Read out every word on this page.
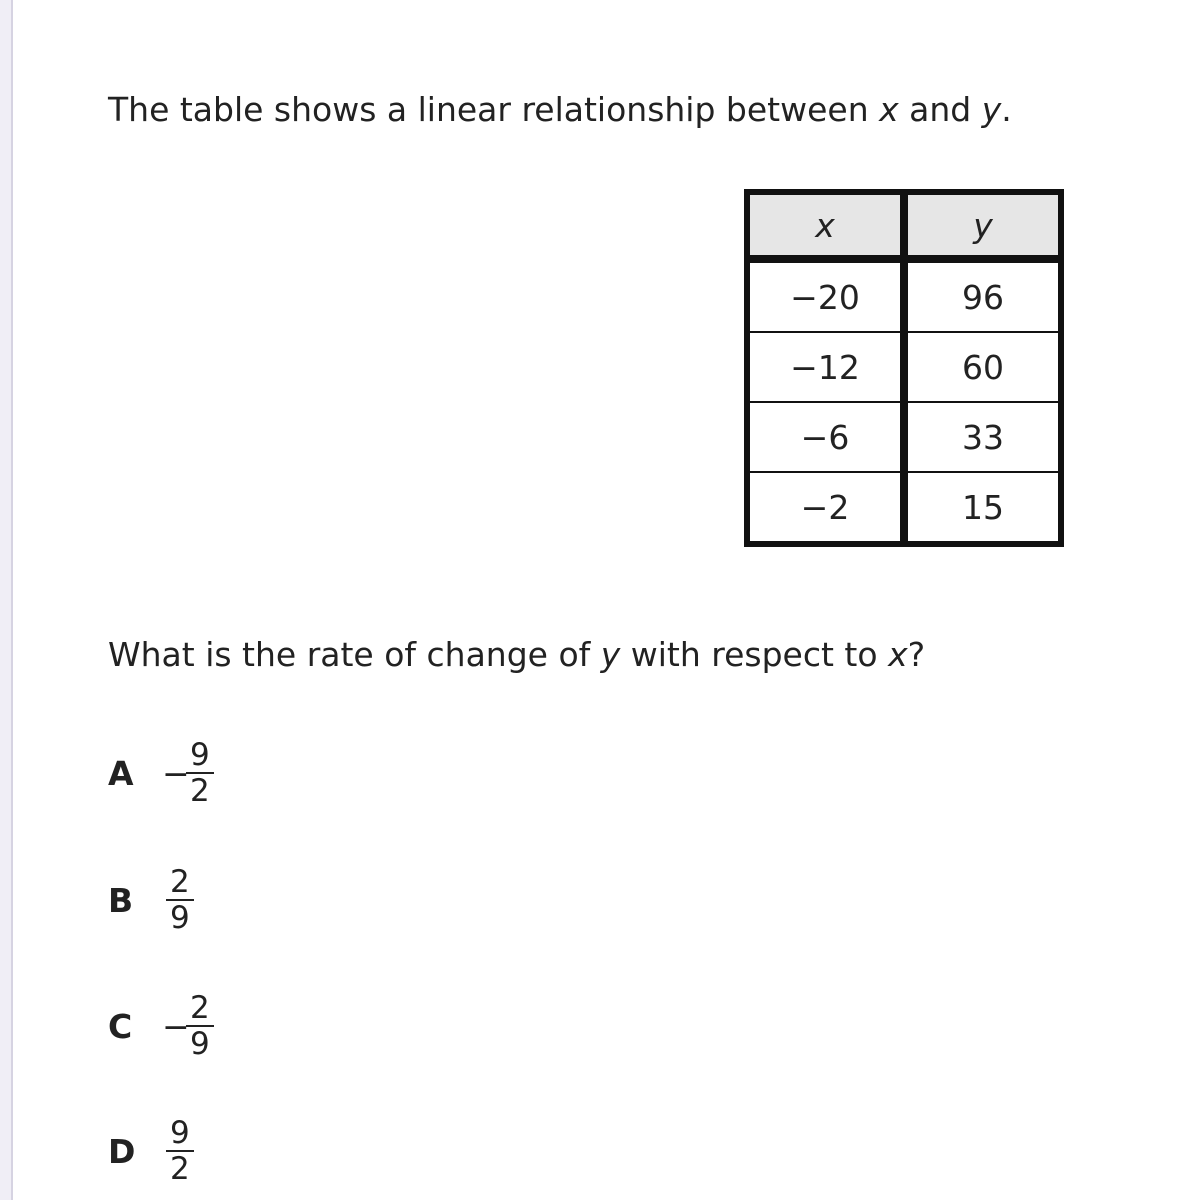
The table shows a linear relationship between x and y.
x	y
−20	96
−12	60
−6	33
−2	15
What is the rate of change of y with respect to x?
A −
$\frac{9}{2}$
B	$\frac{2}{9}$
C −
$\frac{2}{9}$
D $\frac{9}{2}$
